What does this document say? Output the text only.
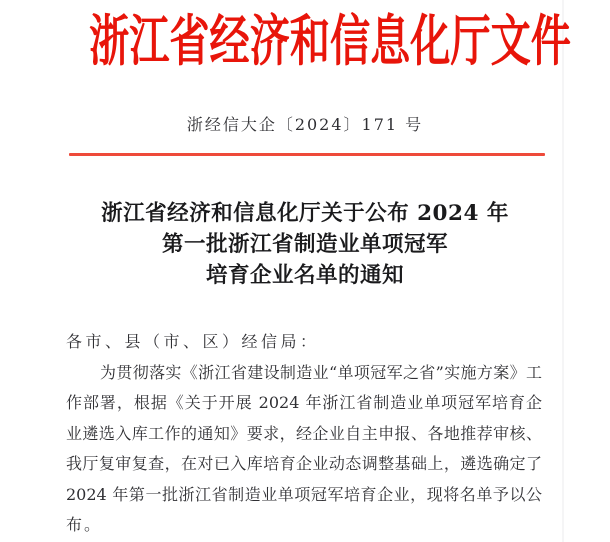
浙江省经济和信息化厅文件
浙经信大企〔2024〕171 号
浙江省经济和信息化厅关于公布 2024 年
第一批浙江省制造业单项冠军
培育企业名单的通知
各市、县（市、区）经信局：
为贯彻落实《浙江省建设制造业“单项冠军之省”实施方案》工
作部署，根据《关于开展 2024 年浙江省制造业单项冠军培育企
业遴选入库工作的通知》要求，经企业自主申报、各地推荐审核、
我厅复审复查，在对已入库培育企业动态调整基础上，遴选确定了
2024 年第一批浙江省制造业单项冠军培育企业，现将名单予以公
布。
